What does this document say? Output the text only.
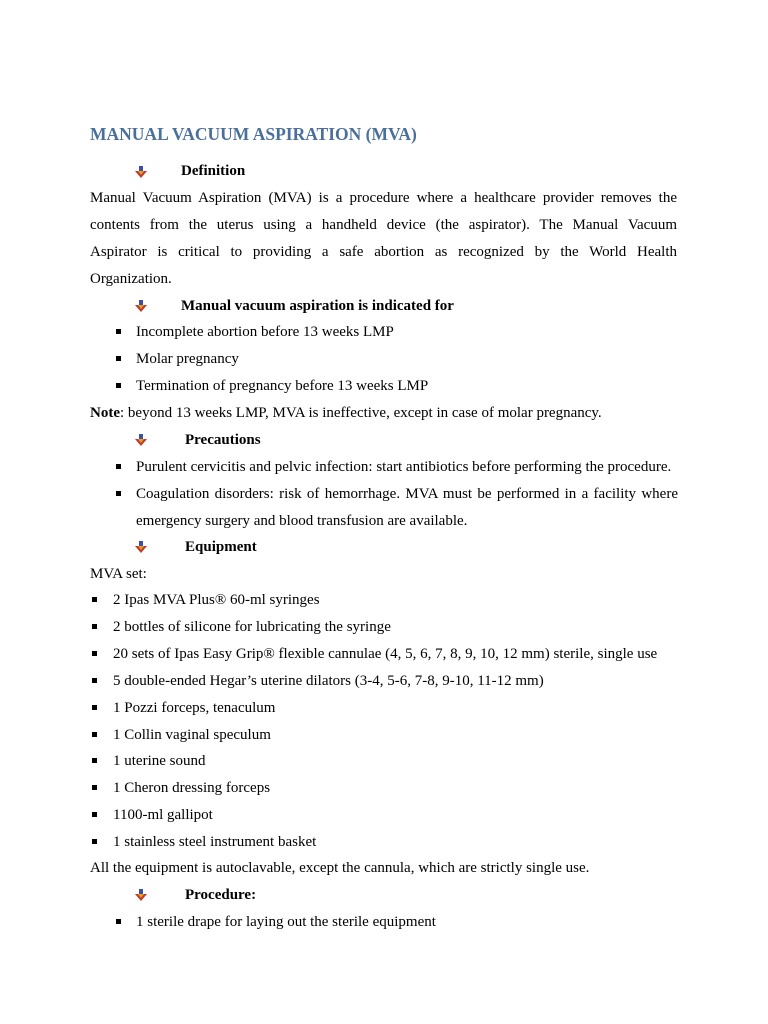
MANUAL VACUUM ASPIRATION (MVA)
Definition
Manual Vacuum Aspiration (MVA) is a procedure where a healthcare provider removes the
contents from the uterus using a handheld device (the aspirator). The Manual Vacuum
Aspirator is critical to providing a safe abortion as recognized by the World Health
Organization.
Manual vacuum aspiration is indicated for
Incomplete abortion before 13 weeks LMP
Molar pregnancy
Termination of pregnancy before 13 weeks LMP
Note: beyond 13 weeks LMP, MVA is ineffective, except in case of molar pregnancy.
Precautions
Purulent cervicitis and pelvic infection: start antibiotics before performing the procedure.
Coagulation disorders: risk of hemorrhage. MVA must be performed in a facility where
emergency surgery and blood transfusion are available.
Equipment
MVA set:
2 Ipas MVA Plus® 60-ml syringes
2 bottles of silicone for lubricating the syringe
20 sets of Ipas Easy Grip® flexible cannulae (4, 5, 6, 7, 8, 9, 10, 12 mm) sterile, single use
5 double-ended Hegar’s uterine dilators (3-4, 5-6, 7-8, 9-10, 11-12 mm)
1 Pozzi forceps, tenaculum
1 Collin vaginal speculum
1 uterine sound
1 Cheron dressing forceps
1100-ml gallipot
1 stainless steel instrument basket
All the equipment is autoclavable, except the cannula, which are strictly single use.
Procedure:
1 sterile drape for laying out the sterile equipment
